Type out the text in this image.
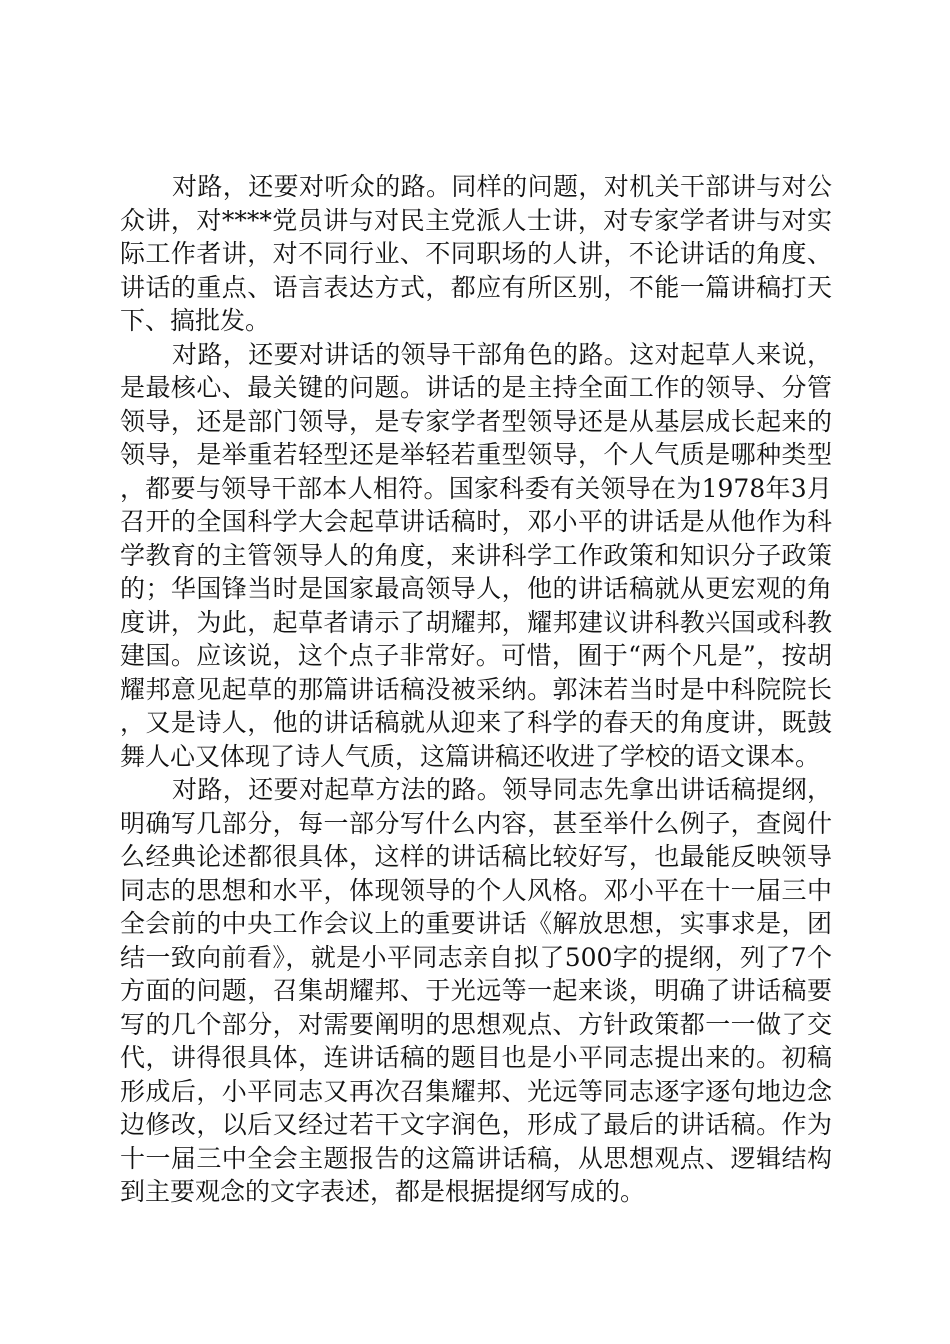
对路，还要对听众的路。同样的问题，对机关干部讲与对公众讲，对****党员讲与对民主党派人士讲，对专家学者讲与对实际工作者讲，对不同行业、不同职场的人讲，不论讲话的角度、讲话的重点、语言表达方式，都应有所区别，不能一篇讲稿打天下、搞批发。

对路，还要对讲话的领导干部角色的路。这对起草人来说，是最核心、最关键的问题。讲话的是主持全面工作的领导、分管领导，还是部门领导，是专家学者型领导还是从基层成长起来的领导，是举重若轻型还是举轻若重型领导，个人气质是哪种类型，都要与领导干部本人相符。国家科委有关领导在为1978年3月召开的全国科学大会起草讲话稿时，邓小平的讲话是从他作为科学教育的主管领导人的角度，来讲科学工作政策和知识分子政策的；华国锋当时是国家最高领导人，他的讲话稿就从更宏观的角度讲，为此，起草者请示了胡耀邦，耀邦建议讲科教兴国或科教建国。应该说，这个点子非常好。可惜，囿于“两个凡是”，按胡耀邦意见起草的那篇讲话稿没被采纳。郭沫若当时是中科院院长，又是诗人，他的讲话稿就从迎来了科学的春天的角度讲，既鼓舞人心又体现了诗人气质，这篇讲稿还收进了学校的语文课本。

对路，还要对起草方法的路。领导同志先拿出讲话稿提纲，明确写几部分，每一部分写什么内容，甚至举什么例子，查阅什么经典论述都很具体，这样的讲话稿比较好写，也最能反映领导同志的思想和水平，体现领导的个人风格。邓小平在十一届三中全会前的中央工作会议上的重要讲话《解放思想，实事求是，团结一致向前看》，就是小平同志亲自拟了500字的提纲，列了7个方面的问题，召集胡耀邦、于光远等一起来谈，明确了讲话稿要写的几个部分，对需要阐明的思想观点、方针政策都一一做了交代，讲得很具体，连讲话稿的题目也是小平同志提出来的。初稿形成后，小平同志又再次召集耀邦、光远等同志逐字逐句地边念边修改，以后又经过若干文字润色，形成了最后的讲话稿。作为十一届三中全会主题报告的这篇讲话稿，从思想观点、逻辑结构到主要观念的文字表述，都是根据提纲写成的。
